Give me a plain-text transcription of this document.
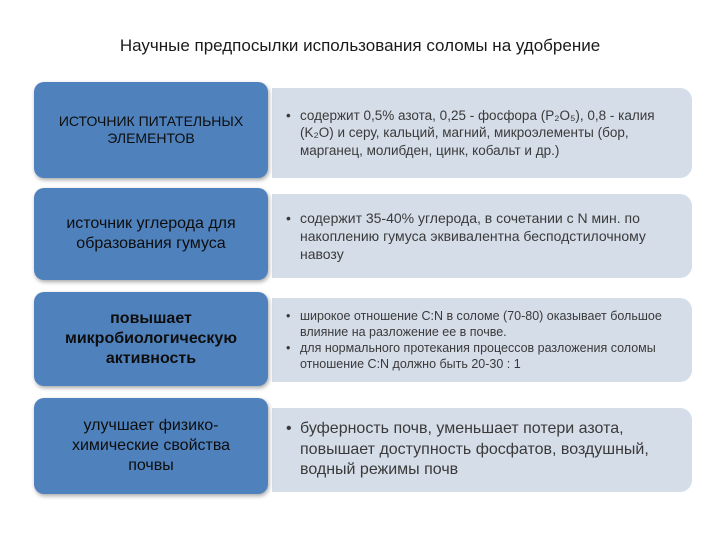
Научные предпосылки использования соломы на удобрение
• содержит 0,5% азота, 0,25 - фосфора (P₂O₅), 0,8 - калия (K₂O) и серу, кальций, магний, микроэлементы (бор, марганец, молибден, цинк, кобальт и др.)
ИСТОЧНИК ПИТАТЕЛЬНЫХ ЭЛЕМЕНТОВ
• содержит 35-40% углерода, в сочетании с N мин. по накоплению гумуса эквивалентна бесподстилочному навозу
источник углерода для образования гумуса
• широкое отношение C:N в соломе (70-80) оказывает большое влияние на разложение ее в почве.
• для нормального протекания процессов разложения соломы отношение C:N должно быть 20-30 : 1
повышает микробиологическую активность
• буферность почв, уменьшает потери азота, повышает доступность фосфатов, воздушный, водный режимы почв
улучшает физико-химические свойства почвы
